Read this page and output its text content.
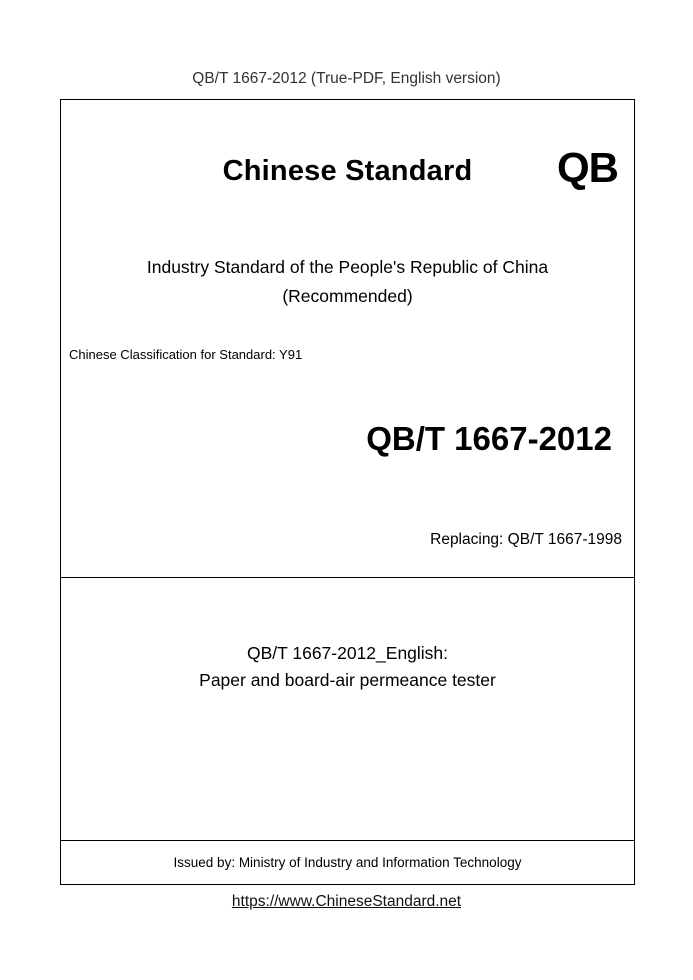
QB/T 1667-2012 (True-PDF, English version)
Chinese Standard	QB
Industry Standard of the People's Republic of China
(Recommended)
Chinese Classification for Standard: Y91
QB/T 1667-2012
Replacing: QB/T 1667-1998
QB/T 1667-2012_English:
Paper and board-air permeance tester
Issued by: Ministry of Industry and Information Technology
https://www.ChineseStandard.net
